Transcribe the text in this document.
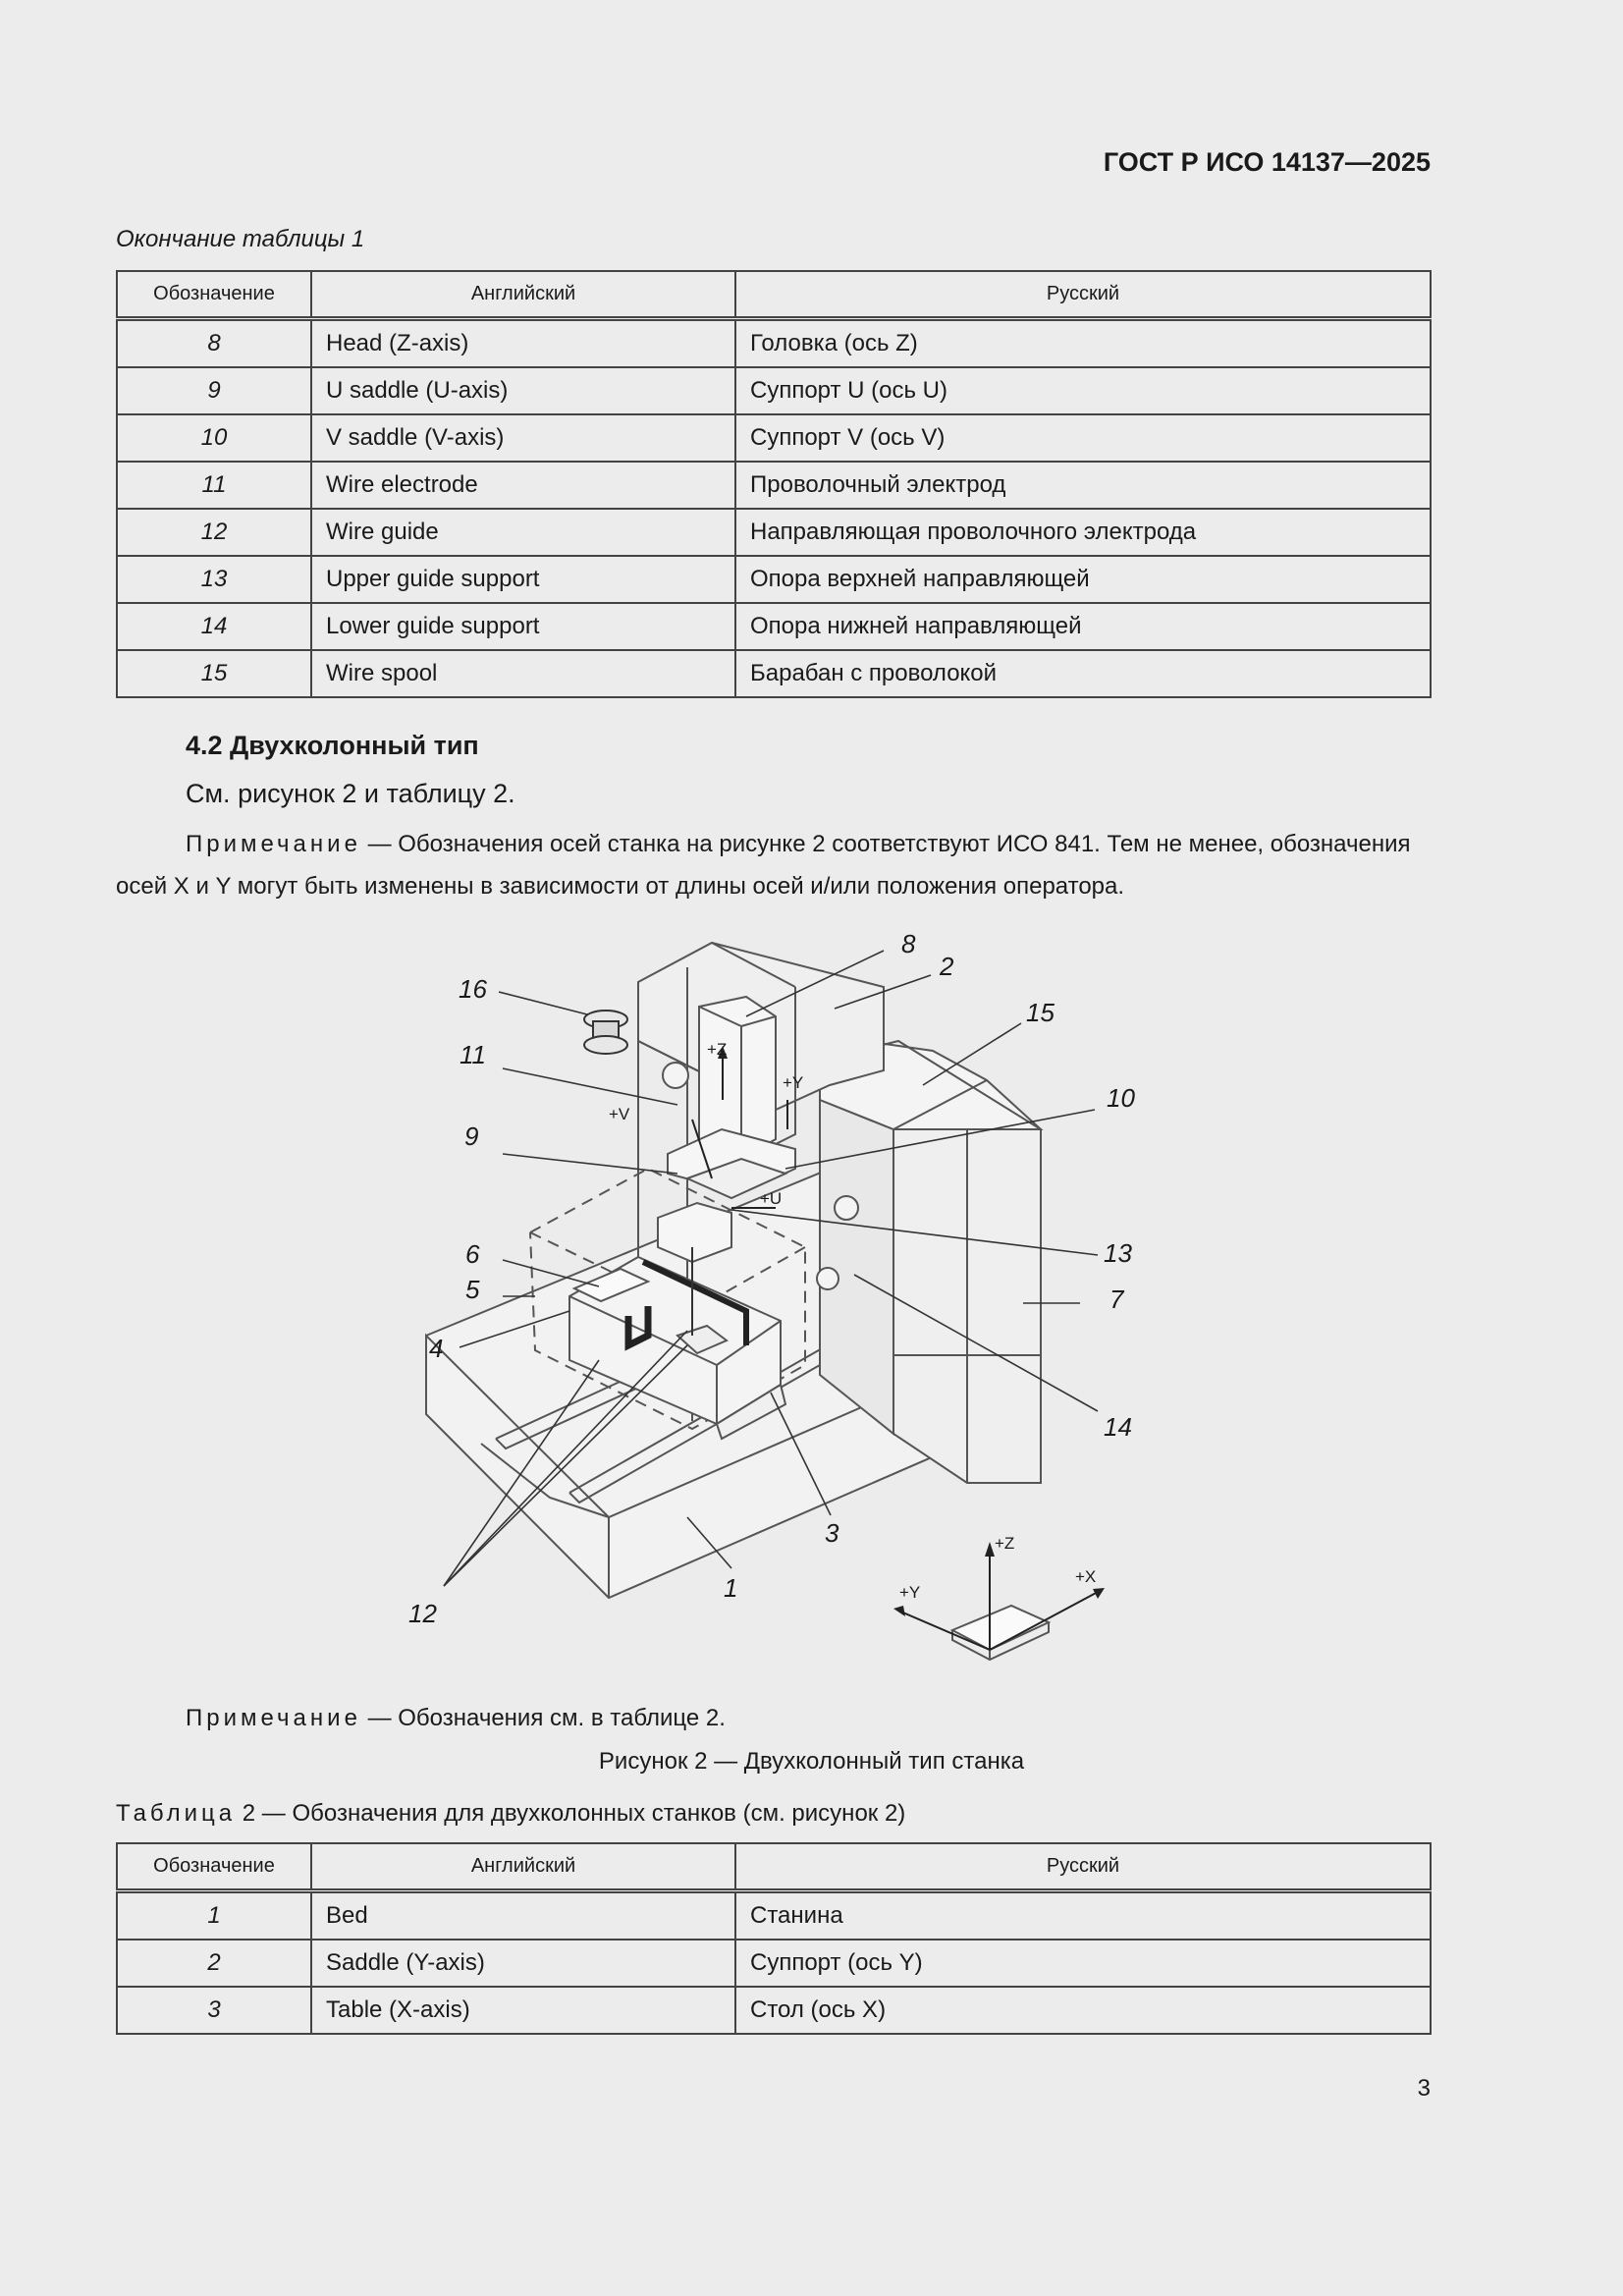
ГОСТ Р ИСО 14137—2025
Окончание таблицы 1
Обозначение	Английский	Русский
8	Head (Z-axis)	Головка (ось Z)
9	U saddle (U-axis)	Суппорт U (ось U)
10	V saddle (V-axis)	Суппорт V (ось V)
11	Wire electrode	Проволочный электрод
12	Wire guide	Направляющая проволочного электрода
13	Upper guide support	Опора верхней направляющей
14	Lower guide support	Опора нижней направляющей
15	Wire spool	Барабан с проволокой
4.2 Двухколонный тип
См. рисунок 2 и таблицу 2.
Примечание — Обозначения осей станка на рисунке 2 соответствуют ИСО 841. Тем не менее, обозначения осей X и Y могут быть изменены в зависимости от длины осей и/или положения оператора.
8
2
15
10
13
7
14
3
1
12
4
5
6
9
11
16
+Z
+Y
+V
+U
+Z
+Y
+X
Примечание — Обозначения см. в таблице 2.
Рисунок 2 — Двухколонный тип станка
Таблица 2 — Обозначения для двухколонных станков (см. рисунок 2)
Обозначение	Английский	Русский
1	Bed	Станина
2	Saddle (Y-axis)	Суппорт (ось Y)
3	Table (X-axis)	Стол (ось X)
3
